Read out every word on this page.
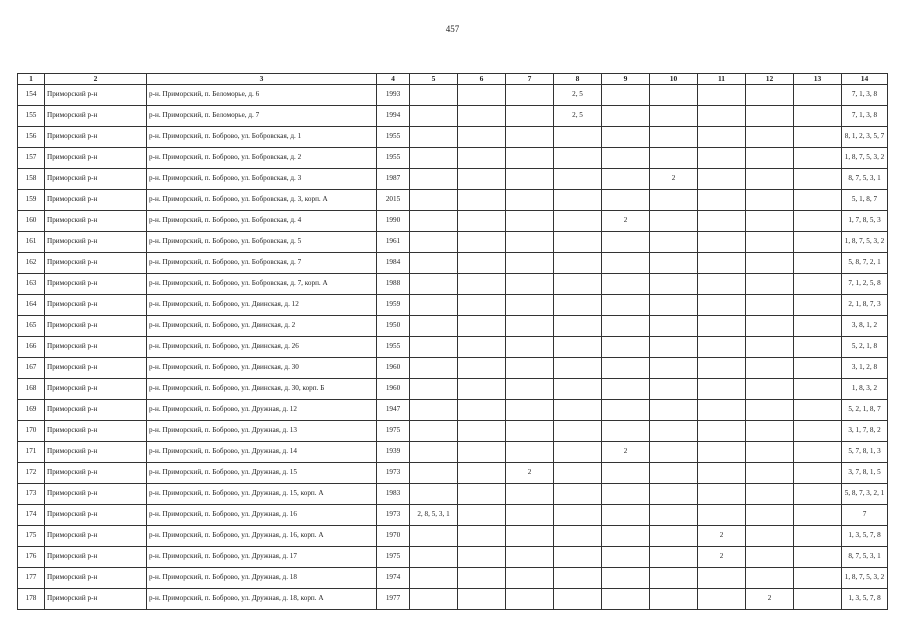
457
1	2	3	4	5	6	7	8	9	10	11	12	13	14
154	Приморский р-н	р-н. Приморский, п. Беломорье, д. 6	1993				2, 5						7, 1, 3, 8
155	Приморский р-н	р-н. Приморский, п. Беломорье, д. 7	1994				2, 5						7, 1, 3, 8
156	Приморский р-н	р-н. Приморский, п. Боброво, ул. Бобровская, д. 1	1955										8, 1, 2, 3, 5, 7
157	Приморский р-н	р-н. Приморский, п. Боброво, ул. Бобровская, д. 2	1955										1, 8, 7, 5, 3, 2
158	Приморский р-н	р-н. Приморский, п. Боброво, ул. Бобровская, д. 3	1987						2				8, 7, 5, 3, 1
159	Приморский р-н	р-н. Приморский, п. Боброво, ул. Бобровская, д. 3, корп. А	2015										5, 1, 8, 7
160	Приморский р-н	р-н. Приморский, п. Боброво, ул. Бобровская, д. 4	1990					2					1, 7, 8, 5, 3
161	Приморский р-н	р-н. Приморский, п. Боброво, ул. Бобровская, д. 5	1961										1, 8, 7, 5, 3, 2
162	Приморский р-н	р-н. Приморский, п. Боброво, ул. Бобровская, д. 7	1984										5, 8, 7, 2, 1
163	Приморский р-н	р-н. Приморский, п. Боброво, ул. Бобровская, д. 7, корп. А	1988										7, 1, 2, 5, 8
164	Приморский р-н	р-н. Приморский, п. Боброво, ул. Двинская, д. 12	1959										2, 1, 8, 7, 3
165	Приморский р-н	р-н. Приморский, п. Боброво, ул. Двинская, д. 2	1950										3, 8, 1, 2
166	Приморский р-н	р-н. Приморский, п. Боброво, ул. Двинская, д. 26	1955										5, 2, 1, 8
167	Приморский р-н	р-н. Приморский, п. Боброво, ул. Двинская, д. 30	1960										3, 1, 2, 8
168	Приморский р-н	р-н. Приморский, п. Боброво, ул. Двинская, д. 30, корп. Б	1960										1, 8, 3, 2
169	Приморский р-н	р-н. Приморский, п. Боброво, ул. Дружная, д. 12	1947										5, 2, 1, 8, 7
170	Приморский р-н	р-н. Приморский, п. Боброво, ул. Дружная, д. 13	1975										3, 1, 7, 8, 2
171	Приморский р-н	р-н. Приморский, п. Боброво, ул. Дружная, д. 14	1939					2					5, 7, 8, 1, 3
172	Приморский р-н	р-н. Приморский, п. Боброво, ул. Дружная, д. 15	1973			2							3, 7, 8, 1, 5
173	Приморский р-н	р-н. Приморский, п. Боброво, ул. Дружная, д. 15, корп. А	1983										5, 8, 7, 3, 2, 1
174	Приморский р-н	р-н. Приморский, п. Боброво, ул. Дружная, д. 16	1973	2, 8, 5, 3, 1									7
175	Приморский р-н	р-н. Приморский, п. Боброво, ул. Дружная, д. 16, корп. А	1970							2			1, 3, 5, 7, 8
176	Приморский р-н	р-н. Приморский, п. Боброво, ул. Дружная, д. 17	1975							2			8, 7, 5, 3, 1
177	Приморский р-н	р-н. Приморский, п. Боброво, ул. Дружная, д. 18	1974										1, 8, 7, 5, 3, 2
178	Приморский р-н	р-н. Приморский, п. Боброво, ул. Дружная, д. 18, корп. А	1977								2		1, 3, 5, 7, 8
